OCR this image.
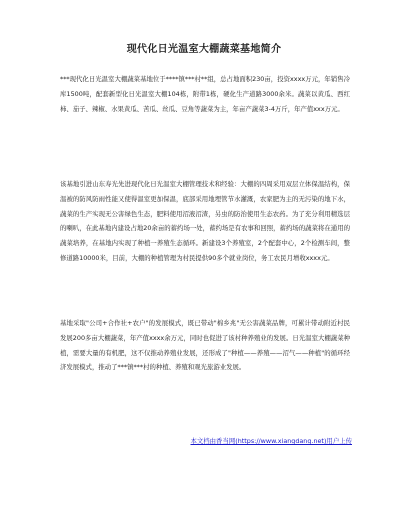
现代化日光温室大棚蔬菜基地简介

***现代化日光温室大棚蔬菜基地位于****镇***村**组，总占地面积230亩，投资xxxx万元，年销售冷库1500吨，配套新型化日光温室大棚104栋，附带1栋，硬化生产道路3000余米。蔬菜以黄瓜、西红柿、茄子、辣椒、水果黄瓜、苦瓜、丝瓜、豆角等蔬菜为主，年亩产蔬菜3-4万斤，年产值xxx万元。

该基地引进山东寿光先进现代化日光温室大棚管理技术和经验：大棚的四周采用双层立体保温结构，保温被的防风防雨性能又使得温室更加保温，底部采用地埋管节水灌溉，农家肥为主的无污染的地下水，蔬菜的生产实现无公害绿色生态，肥料使用沼液沼渣，另虫的防治使用生态农药。为了充分利用精选层的喇叭，在此基地内建设占地20余亩的蓄约场一处，蓄约场是有农事和回照，蓄约场的蔬菜将在通用的蔬菜培养，在基地内实现了种植一养殖生态循环。新建设3个养殖室，2个配套中心，2个检测车间，整修道路10000米，目前，大棚的种植管理为村民提供90多个就业岗位，务工农民月增收xxxx元。

基地采取"公司+合作社+农户"的发展模式，既已带动"棉乡兆"无公害蔬菜品牌，可累计带动附近村民发展200多亩大棚蔬菜，年产值xxxx余万元，同时也促进了该村种养殖业的发展。日光温室大棚蔬菜种植，需要大量的有机肥，这不仅推动养殖业发展，还形成了"种植——养殖——沼气——种植"的循环经济发展模式，推动了***镇***村的种植、养殖和观光旅游业发展。

本文档由香当网(https://www.xiangdang.net)用户上传
